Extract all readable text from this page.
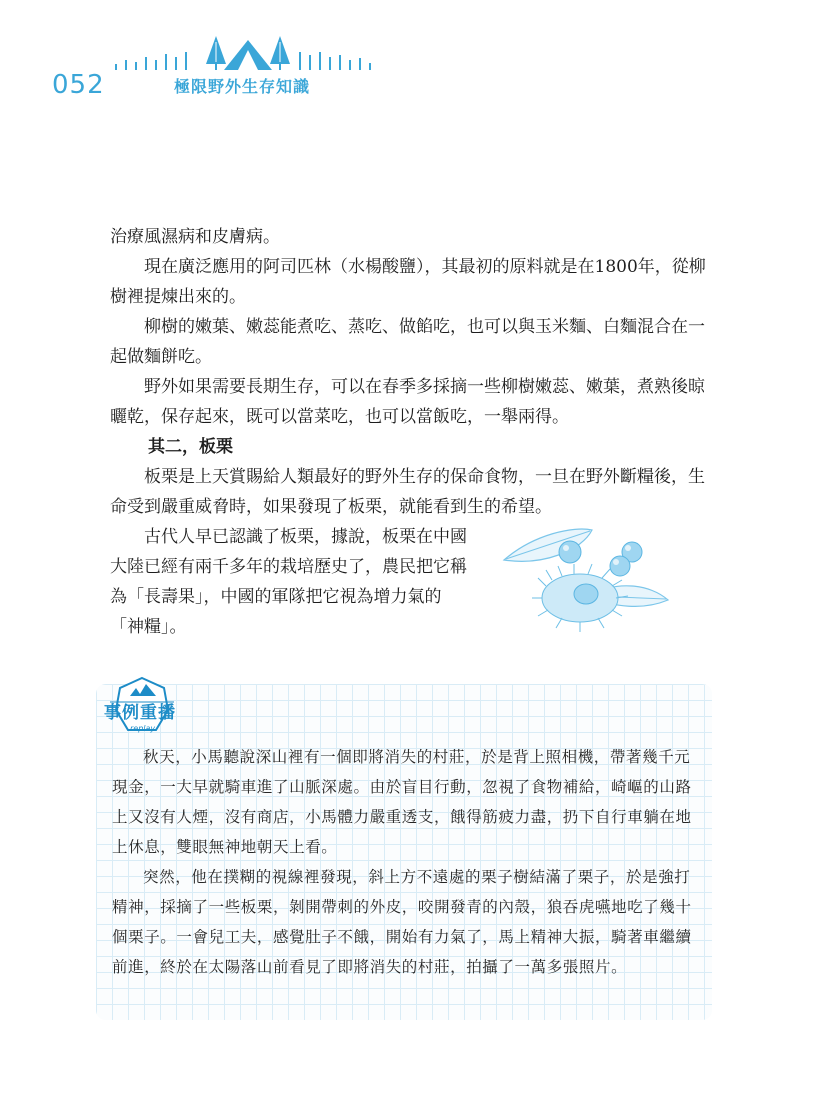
052	極限野外生存知識

治療風濕病和皮膚病。

現在廣泛應用的阿司匹林（水楊酸鹽），其最初的原料就是在1800年，從柳樹裡提煉出來的。

柳樹的嫩葉、嫩蕊能煮吃、蒸吃、做餡吃，也可以與玉米麵、白麵混合在一起做麵餅吃。

野外如果需要長期生存，可以在春季多採摘一些柳樹嫩蕊、嫩葉，煮熟後晾曬乾，保存起來，既可以當菜吃，也可以當飯吃，一舉兩得。

其二，板栗

板栗是上天賞賜給人類最好的野外生存的保命食物，一旦在野外斷糧後，生命受到嚴重威脅時，如果發現了板栗，就能看到生的希望。

古代人早已認識了板栗，據說，板栗在中國大陸已經有兩千多年的栽培歷史了，農民把它稱為「長壽果」，中國的軍隊把它視為增力氣的「神糧」。

事例重播
replay

秋天，小馬聽說深山裡有一個即將消失的村莊，於是背上照相機，帶著幾千元現金，一大早就騎車進了山脈深處。由於盲目行動，忽視了食物補給，崎嶇的山路上又沒有人煙，沒有商店，小馬體力嚴重透支，餓得筋疲力盡，扔下自行車躺在地上休息，雙眼無神地朝天上看。

突然，他在撲糊的視線裡發現，斜上方不遠處的栗子樹結滿了栗子，於是強打精神，採摘了一些板栗，剝開帶刺的外皮，咬開發青的內殼，狼吞虎嚥地吃了幾十個栗子。一會兒工夫，感覺肚子不餓，開始有力氣了，馬上精神大振，騎著車繼續前進，終於在太陽落山前看見了即將消失的村莊，拍攝了一萬多張照片。
